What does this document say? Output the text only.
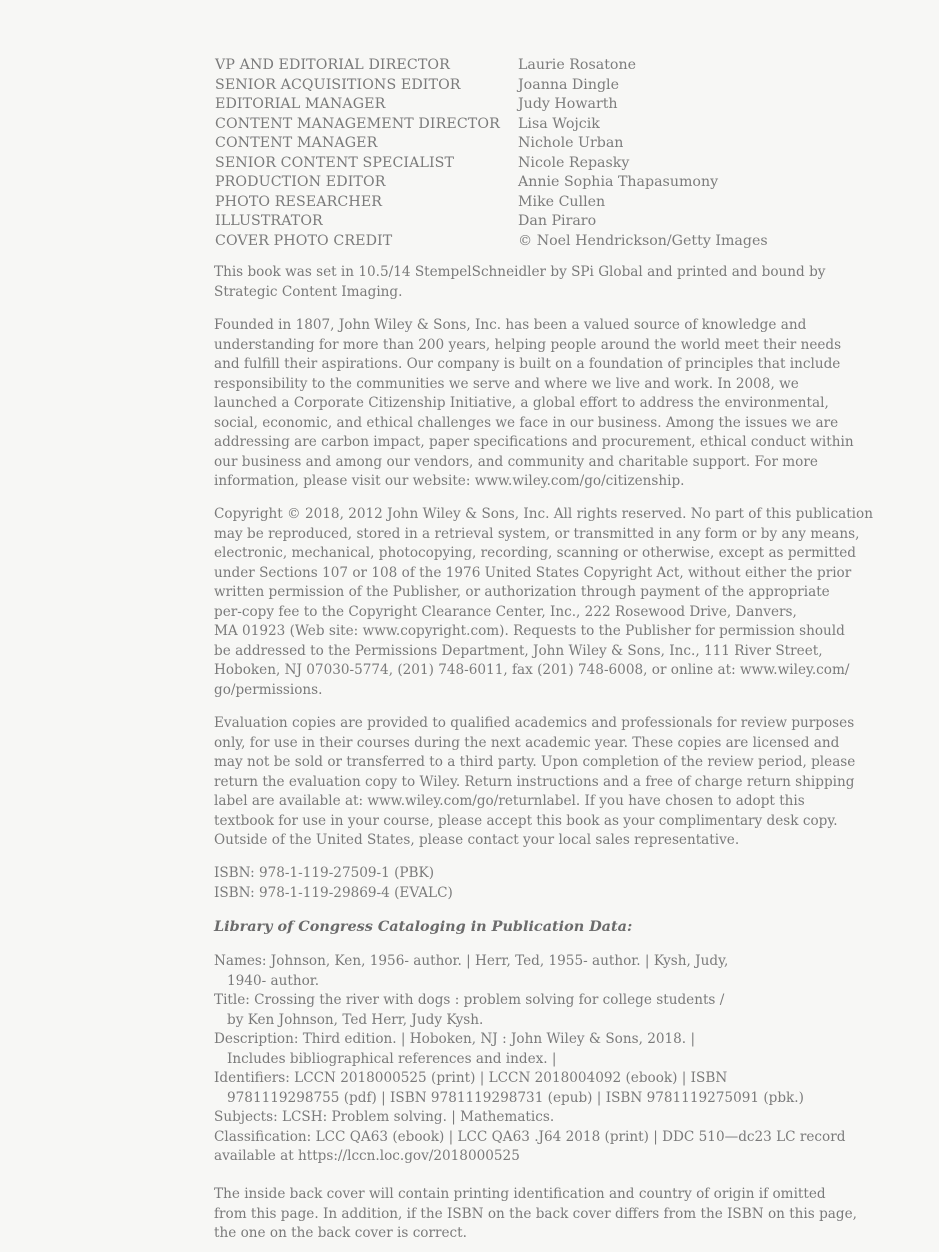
VP AND EDITORIAL DIRECTOR	Laurie Rosatone
SENIOR ACQUISITIONS EDITOR	Joanna Dingle
EDITORIAL MANAGER	Judy Howarth
CONTENT MANAGEMENT DIRECTOR	Lisa Wojcik
CONTENT MANAGER	Nichole Urban
SENIOR CONTENT SPECIALIST	Nicole Repasky
PRODUCTION EDITOR	Annie Sophia Thapasumony
PHOTO RESEARCHER	Mike Cullen
ILLUSTRATOR	Dan Piraro
COVER PHOTO CREDIT	© Noel Hendrickson/Getty Images
This book was set in 10.5/14 StempelSchneidler by SPi Global and printed and bound by
Strategic Content Imaging.
Founded in 1807, John Wiley & Sons, Inc. has been a valued source of knowledge and
understanding for more than 200 years, helping people around the world meet their needs
and fulfill their aspirations. Our company is built on a foundation of principles that include
responsibility to the communities we serve and where we live and work. In 2008, we
launched a Corporate Citizenship Initiative, a global effort to address the environmental,
social, economic, and ethical challenges we face in our business. Among the issues we are
addressing are carbon impact, paper specifications and procurement, ethical conduct within
our business and among our vendors, and community and charitable support. For more
information, please visit our website: www.wiley.com/go/citizenship.
Copyright © 2018, 2012 John Wiley & Sons, Inc. All rights reserved. No part of this publication
may be reproduced, stored in a retrieval system, or transmitted in any form or by any means,
electronic, mechanical, photocopying, recording, scanning or otherwise, except as permitted
under Sections 107 or 108 of the 1976 United States Copyright Act, without either the prior
written permission of the Publisher, or authorization through payment of the appropriate
per-copy fee to the Copyright Clearance Center, Inc., 222 Rosewood Drive, Danvers,
MA 01923 (Web site: www.copyright.com). Requests to the Publisher for permission should
be addressed to the Permissions Department, John Wiley & Sons, Inc., 111 River Street,
Hoboken, NJ 07030-5774, (201) 748-6011, fax (201) 748-6008, or online at: www.wiley.com/
go/permissions.
Evaluation copies are provided to qualified academics and professionals for review purposes
only, for use in their courses during the next academic year. These copies are licensed and
may not be sold or transferred to a third party. Upon completion of the review period, please
return the evaluation copy to Wiley. Return instructions and a free of charge return shipping
label are available at: www.wiley.com/go/returnlabel. If you have chosen to adopt this
textbook for use in your course, please accept this book as your complimentary desk copy.
Outside of the United States, please contact your local sales representative.
ISBN: 978-1-119-27509-1 (PBK)
ISBN: 978-1-119-29869-4 (EVALC)
Library of Congress Cataloging in Publication Data:
Names: Johnson, Ken, 1956- author. | Herr, Ted, 1955- author. | Kysh, Judy,
1940- author.
Title: Crossing the river with dogs : problem solving for college students /
by Ken Johnson, Ted Herr, Judy Kysh.
Description: Third edition. | Hoboken, NJ : John Wiley & Sons, 2018. |
Includes bibliographical references and index. |
Identifiers: LCCN 2018000525 (print) | LCCN 2018004092 (ebook) | ISBN
9781119298755 (pdf) | ISBN 9781119298731 (epub) | ISBN 9781119275091 (pbk.)
Subjects: LCSH: Problem solving. | Mathematics.
Classification: LCC QA63 (ebook) | LCC QA63 .J64 2018 (print) | DDC 510—dc23 LC record
available at https://lccn.loc.gov/2018000525
The inside back cover will contain printing identification and country of origin if omitted
from this page. In addition, if the ISBN on the back cover differs from the ISBN on this page,
the one on the back cover is correct.
